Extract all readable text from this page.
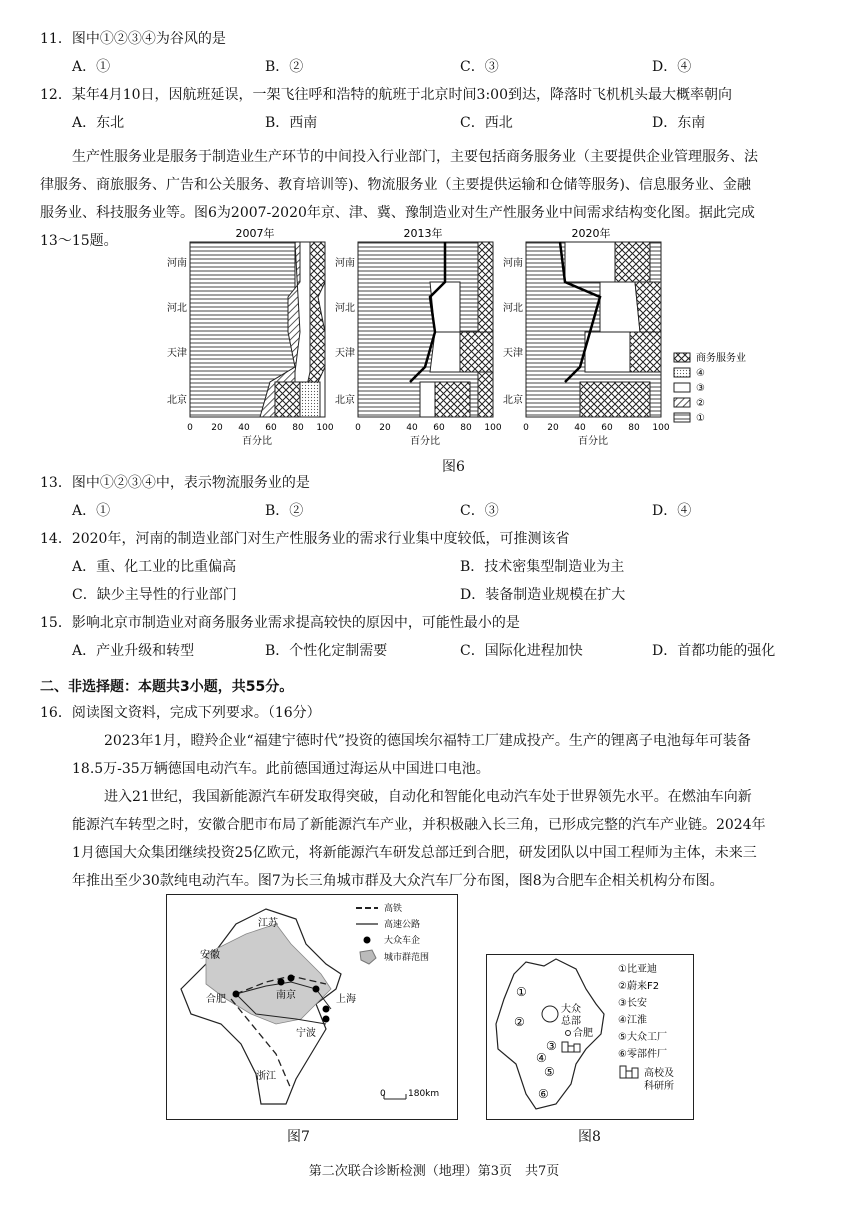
11．图中①②③④为谷风的是
A．①	B．②	C．③	D．④
12．某年4月10日，因航班延误，一架飞往呼和浩特的航班于北京时间3:00到达，降落时飞机机头最大概率朝向
A．东北	B．西南	C．西北	D．东南
生产性服务业是服务于制造业生产环节的中间投入行业部门，主要包括商务服务业（主要提供企业管理服务、法
律服务、商旅服务、广告和公关服务、教育培训等)、物流服务业（主要提供运输和仓储等服务)、信息服务业、金融
服务业、科技服务业等。图6为2007-2020年京、津、冀、豫制造业对生产性服务业中间需求结构变化图。据此完成
13～15题。	2007年	2013年	2020年
河南
河北
天津
北京
河南
河北
天津
北京
河南
河北
天津
北京
0 20 40 60 80 100 0 20 40 60 80 100 0 20 40 60 80 100
百分比	百分比	百分比
商务服务业
④
③
②
①
图6
13．图中①②③④中，表示物流服务业的是
A．①	B．②	C．③	D．④
14．2020年，河南的制造业部门对生产性服务业的需求行业集中度较低，可推测该省
A．重、化工业的比重偏高	B．技术密集型制造业为主
C．缺少主导性的行业部门	D．装备制造业规模在扩大
15．影响北京市制造业对商务服务业需求提高较快的原因中，可能性最小的是
A．产业升级和转型	B．个性化定制需要	C．国际化进程加快	D．首都功能的强化
二、非选择题：本题共3小题，共55分。
16．阅读图文资料，完成下列要求。（16分）
2023年1月，瞪羚企业“福建宁德时代”投资的德国埃尔福特工厂建成投产。生产的锂离子电池每年可装备
18.5万-35万辆德国电动汽车。此前德国通过海运从中国进口电池。
进入21世纪，我国新能源汽车研发取得突破，自动化和智能化电动汽车处于世界领先水平。在燃油车向新
能源汽车转型之时，安徽合肥市布局了新能源汽车产业，并积极融入长三角，已形成完整的汽车产业链。2024年
1月德国大众集团继续投资25亿欧元，将新能源汽车研发总部迁到合肥，研发团队以中国工程师为主体，未来三
年推出至少30款纯电动汽车。图7为长三角城市群及大众汽车厂分布图，图8为合肥车企相关机构分布图。
江苏
安徽
合肥	南京	上海
宁波
浙江
高铁
高速公路
大众车企
城市群范围
0 180km
图7
①
②
大众
总部
合肥
③
④
⑤
⑥
①比亚迪
②蔚来F2
③长安
④江淮
⑤大众工厂
⑥零部件厂
高校及
科研所
图8
第二次联合诊断检测（地理）第3页　共7页
